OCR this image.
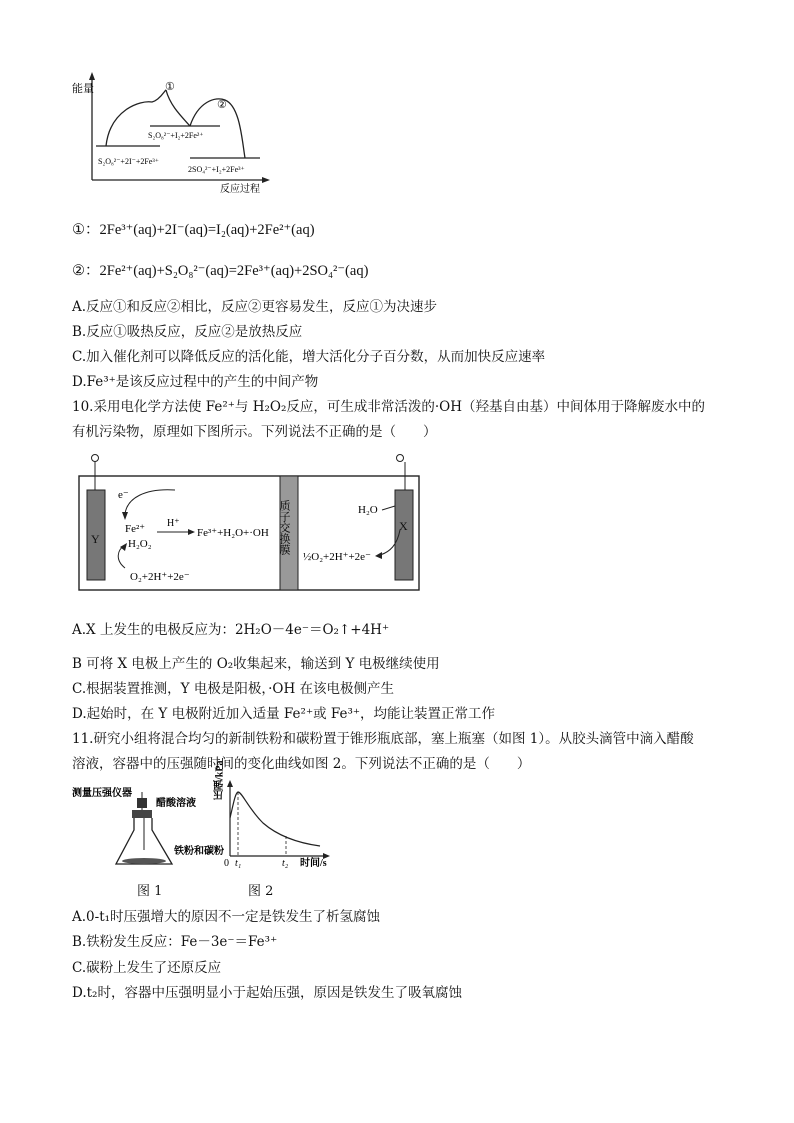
能量	①
②
S₂O₈²⁻+I₂+2Fe²⁺
S₂O₈²⁻+2I⁻+2Fe³⁺
2SO₄²⁻+I₂+2Fe³⁺
反应过程
①：2Fe³⁺(aq)+2I⁻(aq)=I₂(aq)+2Fe²⁺(aq)
②：2Fe²⁺(aq)+S₂O₈²⁻(aq)=2Fe³⁺(aq)+2SO₄²⁻(aq)
A.反应①和反应②相比，反应②更容易发生，反应①为决速步
B.反应①吸热反应，反应②是放热反应
C.加入催化剂可以降低反应的活化能，增大活化分子百分数，从而加快反应速率
D.Fe³⁺是该反应过程中的产生的中间产物
10.采用电化学方法使 Fe²⁺与 H₂O₂反应，可生成非常活泼的·OH（羟基自由基）中间体用于降解废水中的
有机污染物，原理如下图所示。下列说法不正确的是（　　）
Y
X
质子交换膜
e⁻
Fe²⁺ H⁺
Fe³⁺+H₂O+·OH
H₂O₂
O₂+2H⁺+2e⁻
H₂O
½O₂+2H⁺+2e⁻
A.X 上发生的电极反应为：2H₂O－4e⁻＝O₂↑+4H⁺
B 可将 X 电极上产生的 O₂收集起来，输送到 Y 电极继续使用
C.根据装置推测，Y 电极是阳极，·OH 在该电极侧产生
D.起始时，在 Y 电极附近加入适量 Fe²⁺或 Fe³⁺，均能让装置正常工作
11.研究小组将混合均匀的新制铁粉和碳粉置于锥形瓶底部，塞上瓶塞（如图 1）。从胶头滴管中滴入醋酸
溶液，容器中的压强随时间的变化曲线如图 2。下列说法不正确的是（　　）
测量压强仪器
醋酸溶液
铁粉和碳粉
图 1
压强/kPa
0 t₁	t₂ 时间/s
图 2
A.0-t₁时压强增大的原因不一定是铁发生了析氢腐蚀
B.铁粉发生反应：Fe－3e⁻＝Fe³⁺
C.碳粉上发生了还原反应
D.t₂时，容器中压强明显小于起始压强，原因是铁发生了吸氧腐蚀
